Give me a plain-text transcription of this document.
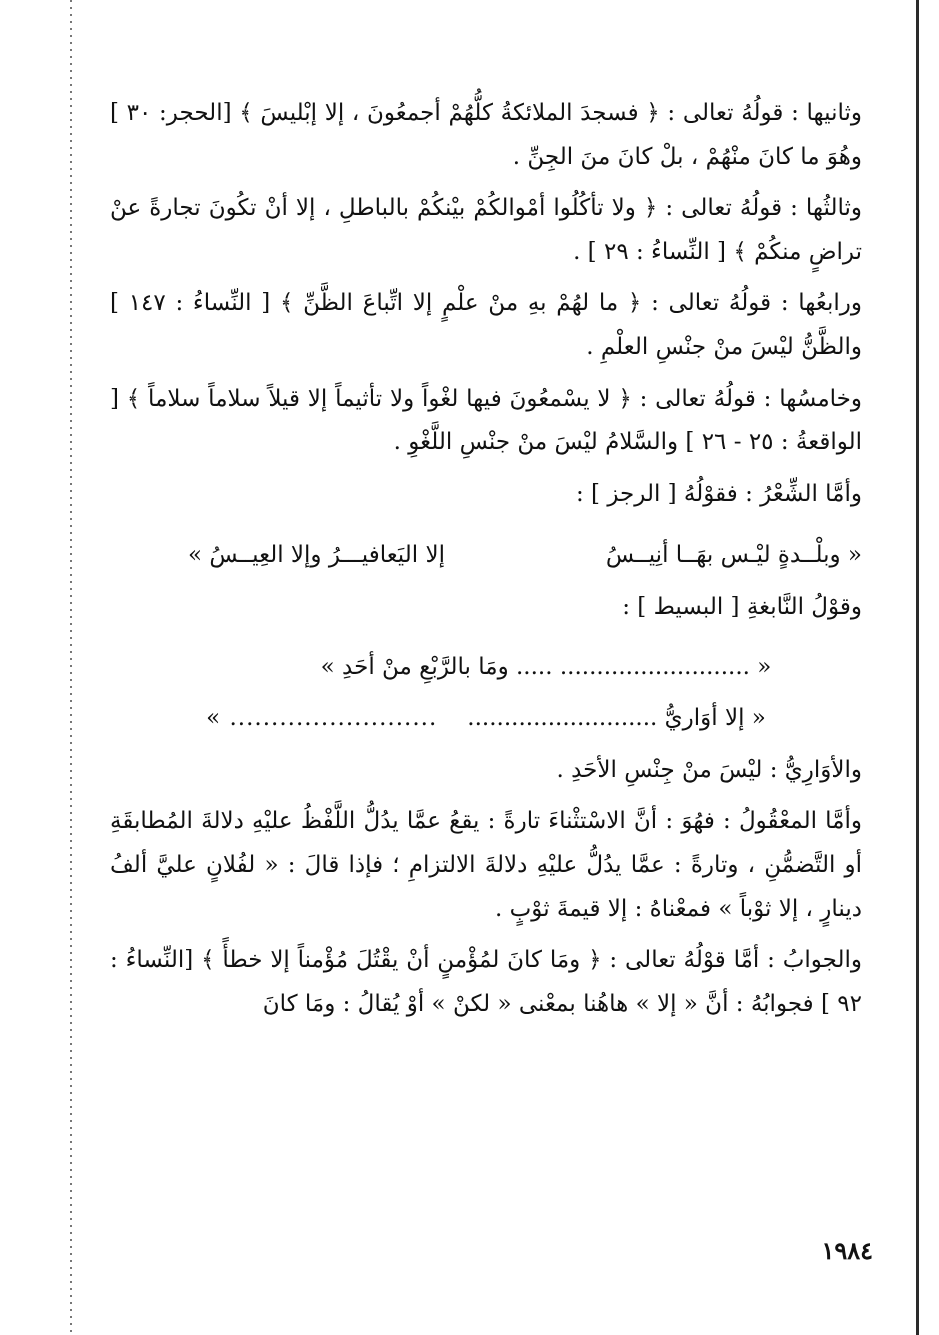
وثانيها : قولُهُ تعالى : ﴿ فسجدَ الملائكةُ كلُّهُمْ أجمعُونَ ، إلا إبْليسَ ﴾ [الحجر: ٣٠ ] وهُوَ ما كانَ منْهُمْ ، بلْ كانَ منَ الجِنِّ .

وثالثُها : قولُهُ تعالى : ﴿ ولا تأكُلُوا أمْوالكُمْ بيْنكُمْ بالباطلِ ، إلا أنْ تكُونَ تجارةً عنْ تراضٍ منكُمْ ﴾ [ النِّساءُ : ٢٩ ] .

ورابعُها : قولُهُ تعالى : ﴿ ما لهُمْ بهِ منْ علْمٍ إلا اتِّباعَ الظَّنِّ ﴾ [ النِّساءُ : ١٤٧ ] والظَّنُّ ليْسَ منْ جنْسِ العلْمِ .

وخامسُها : قولُهُ تعالى : ﴿ لا يسْمعُونَ فيها لغْواً ولا تأثيماً إلا قيلاً سلاماً سلاماً ﴾ [ الواقعةُ : ٢٥ - ٢٦ ] والسَّلامُ ليْسَ منْ جنْسِ اللَّغْوِ .

وأمَّا الشِّعْرُ : فقوْلُهُ [ الرجز ] :

« وبلْــدةٍ ليْـس بهَــا أنِيــسُ
إلا اليَعافيـــرُ وإلا العِيــسُ »

وقوْلُ النَّابغةِ [ البسيط ] :

« .......................... ..... ومَا بالرَّبْعِ منْ أحَدِ »
« إلا أوَاريُّ ..........................
......................... »

والأوَارِيُّ : ليْسَ منْ جِنْسِ الأحَدِ .

وأمَّا المعْقُولُ : فهُوَ : أنَّ الاسْتثْناءَ تارةً : يقعُ عمَّا يدُلُّ اللَّفْظُ عليْهِ دلالةَ المُطابقَةِ أو التَّضمُّنِ ، وتارةً : عمَّا يدُلُّ عليْهِ دلالةَ الالتزامِ ؛ فإذا قالَ : « لفُلانٍ عليَّ ألفُ دينارٍ ، إلا ثوْباً » فمعْناهُ : إلا قيمةَ ثوْبٍ .

والجوابُ : أمَّا قوْلُهُ تعالى : ﴿ ومَا كانَ لمُؤْمنٍ أنْ يقْتُلَ مُؤْمناً إلا خطأً ﴾ [النِّساءُ : ٩٢ ] فجوابُهُ : أنَّ « إلا » هاهُنا بمعْنى « لكنْ » أوْ يُقالُ : ومَا كانَ

١٩٨٤
